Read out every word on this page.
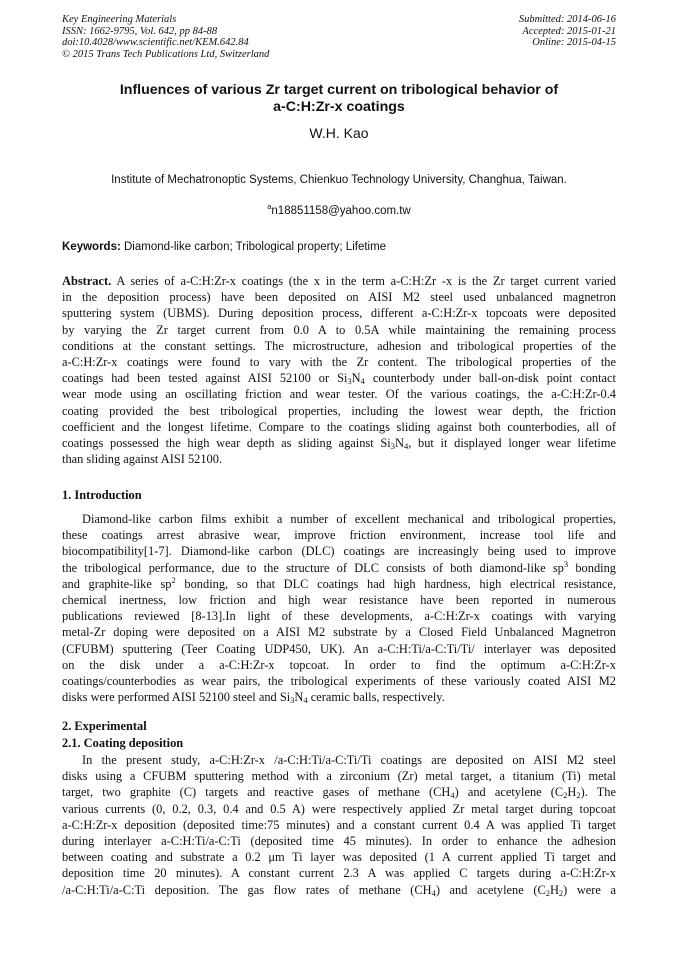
Key Engineering Materials
ISSN: 1662-9795, Vol. 642, pp 84-88
doi:10.4028/www.scientific.net/KEM.642.84
© 2015 Trans Tech Publications Ltd, Switzerland
Submitted: 2014-06-16
Accepted: 2015-01-21
Online: 2015-04-15
Influences of various Zr target current on tribological behavior of
a-C:H:Zr-x coatings
W.H. Kao
Institute of Mechatronoptic Systems, Chienkuo Technology University, Changhua, Taiwan.
$^a$n18851158@yahoo.com.tw
Keywords: Diamond-like carbon; Tribological property; Lifetime
Abstract. A series of a-C:H:Zr-x coatings (the x in the term a-C:H:Zr -x is the Zr target current varied
in the deposition process) have been deposited on AISI M2 steel used unbalanced magnetron
sputtering system (UBMS). During deposition process, different a-C:H:Zr-x topcoats were deposited
by varying the Zr target current from 0.0 A to 0.5A while maintaining the remaining process
conditions at the constant settings. The microstructure, adhesion and tribological properties of the
a-C:H:Zr-x coatings were found to vary with the Zr content. The tribological properties of the
coatings had been tested against AISI 52100 or $Si_3N_4$ counterbody under ball-on-disk point contact
wear mode using an oscillating friction and wear tester. Of the various coatings, the a-C:H:Zr-0.4
coating provided the best tribological properties, including the lowest wear depth, the friction
coefficient and the longest lifetime. Compare to the coatings sliding against both counterbodies, all of
coatings possessed the high wear depth as sliding against $Si_3N_4$, but it displayed longer wear lifetime
than sliding against AISI 52100.
1. Introduction
Diamond-like carbon films exhibit a number of excellent mechanical and tribological properties,
these coatings arrest abrasive wear, improve friction environment, increase tool life and
biocompatibility[1-7]. Diamond-like carbon (DLC) coatings are increasingly being used to improve
the tribological performance, due to the structure of DLC consists of both diamond-like $sp^3$ bonding
and graphite-like $sp^2$ bonding, so that DLC coatings had high hardness, high electrical resistance,
chemical inertness, low friction and high wear resistance have been reported in numerous
publications reviewed [8-13].In light of these developments, a-C:H:Zr-x coatings with varying
metal-Zr doping were deposited on a AISI M2 substrate by a Closed Field Unbalanced Magnetron
(CFUBM) sputtering (Teer Coating UDP450, UK). An a-C:H:Ti/a-C:Ti/Ti/ interlayer was deposited
on the disk under a a-C:H:Zr-x topcoat. In order to find the optimum a-C:H:Zr-x
coatings/counterbodies as wear pairs, the tribological experiments of these variously coated AISI M2
disks were performed AISI 52100 steel and $Si_3N_4$ ceramic balls, respectively.
2. Experimental
2.1. Coating deposition
In the present study, a-C:H:Zr-x /a-C:H:Ti/a-C:Ti/Ti coatings are deposited on AISI M2 steel
disks using a CFUBM sputtering method with a zirconium (Zr) metal target, a titanium (Ti) metal
target, two graphite (C) targets and reactive gases of methane $(CH_4)$ and acetylene $(C_2H_2)$. The
various currents (0, 0.2, 0.3, 0.4 and 0.5 A) were respectively applied Zr metal target during topcoat
a-C:H:Zr-x deposition (deposited time:75 minutes) and a constant current 0.4 A was applied Ti target
during interlayer a-C:H:Ti/a-C:Ti (deposited time 45 minutes). In order to enhance the adhesion
between coating and substrate a 0.2 μm Ti layer was deposited (1 A current applied Ti target and
deposition time 20 minutes). A constant current 2.3 A was applied C targets during a-C:H:Zr-x
/a-C:H:Ti/a-C:Ti deposition. The gas flow rates of methane $(CH_4)$ and acetylene $(C_2H_2)$ were a
